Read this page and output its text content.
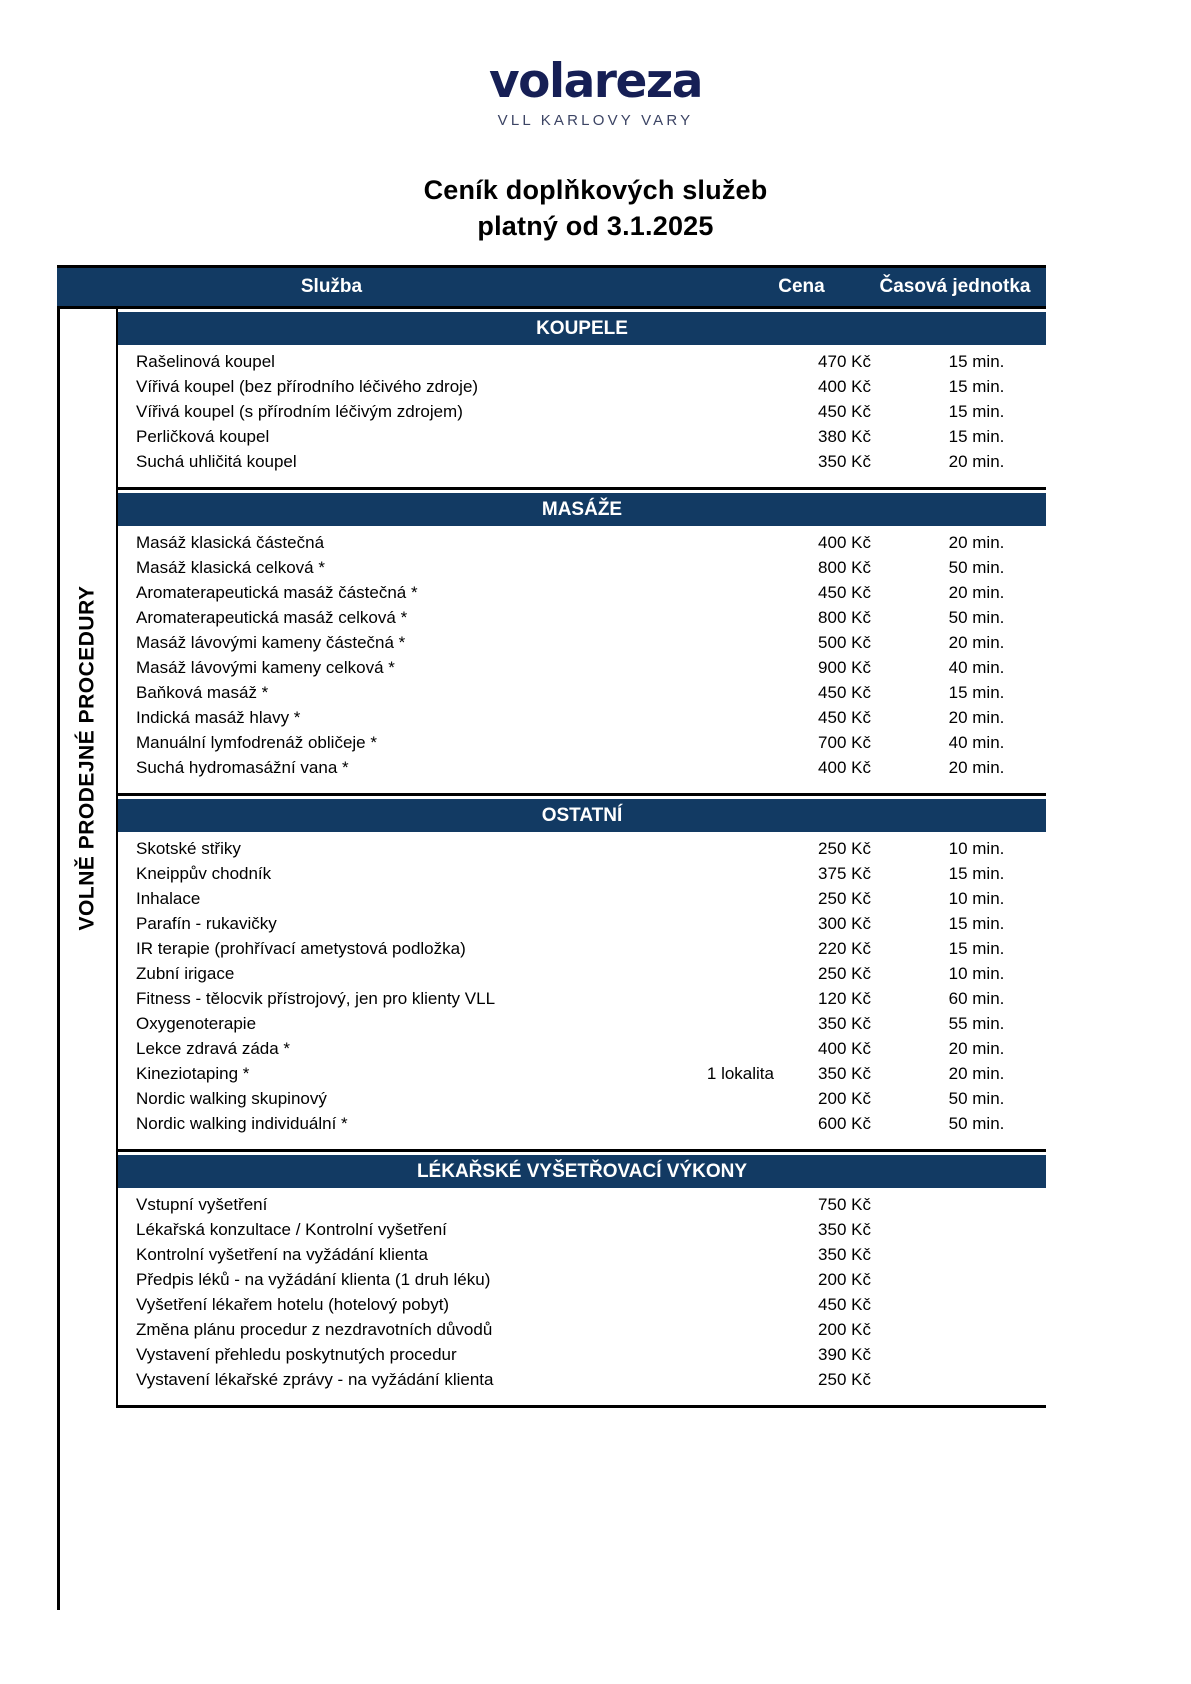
volareza
VLL KARLOVY VARY
Ceník doplňkových služeb
platný od 3.1.2025
Služba	Cena	Časová jednotka
VOLNĚ PRODEJNÉ PROCEDURY
KOUPELE
Rašelinová koupel	470 Kč	15 min.
Vířivá koupel (bez přírodního léčivého zdroje)	400 Kč	15 min.
Vířivá koupel (s přírodním léčivým zdrojem)	450 Kč	15 min.
Perličková koupel	380 Kč	15 min.
Suchá uhličitá koupel	350 Kč	20 min.
MASÁŽE
Masáž klasická částečná	400 Kč	20 min.
Masáž klasická celková *	800 Kč	50 min.
Aromaterapeutická masáž částečná *	450 Kč	20 min.
Aromaterapeutická masáž celková *	800 Kč	50 min.
Masáž lávovými kameny částečná *	500 Kč	20 min.
Masáž lávovými kameny celková *	900 Kč	40 min.
Baňková masáž *	450 Kč	15 min.
Indická masáž hlavy *	450 Kč	20 min.
Manuální lymfodrenáž obličeje *	700 Kč	40 min.
Suchá hydromasážní vana *	400 Kč	20 min.
OSTATNÍ
Skotské střiky	250 Kč	10 min.
Kneippův chodník	375 Kč	15 min.
Inhalace	250 Kč	10 min.
Parafín - rukavičky	300 Kč	15 min.
IR terapie (prohřívací ametystová podložka)	220 Kč	15 min.
Zubní irigace	250 Kč	10 min.
Fitness - tělocvik přístrojový, jen pro klienty VLL	120 Kč	60 min.
Oxygenoterapie	350 Kč	55 min.
Lekce zdravá záda *	400 Kč	20 min.
Kineziotaping *	1 lokalita	350 Kč	20 min.
Nordic walking skupinový	200 Kč	50 min.
Nordic walking individuální *	600 Kč	50 min.
LÉKAŘSKÉ VYŠETŘOVACÍ VÝKONY
Vstupní vyšetření	750 Kč
Lékařská konzultace / Kontrolní vyšetření	350 Kč
Kontrolní vyšetření na vyžádání klienta	350 Kč
Předpis léků - na vyžádání klienta (1 druh léku)	200 Kč
Vyšetření lékařem hotelu (hotelový pobyt)	450 Kč
Změna plánu procedur z nezdravotních důvodů	200 Kč
Vystavení přehledu poskytnutých procedur	390 Kč
Vystavení lékařské zprávy - na vyžádání klienta	250 Kč
